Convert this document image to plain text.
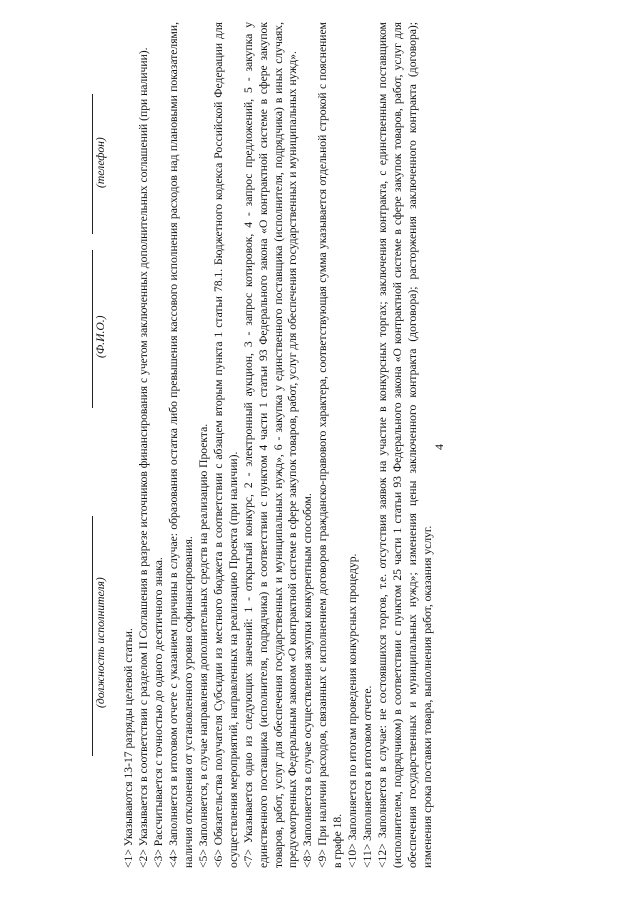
4
(должность исполнителя)
(Ф.И.О.)
(телефон)
<1> Указываются 13-17 разряды целевой статьи. <2> Указывается в соответствии с разделом II Соглашения в разрезе источников финансирования с учетом заключенных дополнительных соглашений (при наличии). <3> Рассчитывается с точностью до одного десятичного знака. <4> Заполняется в итоговом отчете с указанием причины в случае: образования остатка либо превышения кассового исполнения расходов над плановыми показателями, наличия отклонения от установленного уровня софинансирования. <5> Заполняется, в случае направления дополнительных средств на реализацию Проекта. <6> Обязательства получателя Субсидии из местного бюджета в соответствии с абзацем вторым пункта 1 статьи 78.1. Бюджетного кодекса Российской Федерации для осуществления мероприятий, направленных на реализацию Проекта (при наличии). <7> Указывается одно из следующих значений: 1 - открытый конкурс, 2 - электронный аукцион, 3 - запрос котировок, 4 - запрос предложений, 5 - закупка у единственного поставщика (исполнителя, подрядчика) в соответствии с пунктом 4 части 1 статьи 93 Федерального закона «О контрактной системе в сфере закупок товаров, работ, услуг для обеспечения государственных и муниципальных нужд», 6 - закупка у единственного поставщика (исполнителя, подрядчика) в иных случаях, предусмотренных Федеральным законом «О контрактной системе в сфере закупок товаров, работ, услуг для обеспечения государственных и муниципальных нужд». <8> Заполняется в случае осуществления закупки конкурентным способом. <9> При наличии расходов, связанных с исполнением договоров гражданско-правового характера, соответствующая сумма указывается отдельной строкой с пояснением в графе 18. <10> Заполняется по итогам проведения конкурсных процедур. <11> Заполняется в итоговом отчете. <12> Заполняется в случае: не состоявшихся торгов, т.е. отсутствия заявок на участие в конкурсных торгах; заключения контракта, с единственным поставщиком (исполнителем, подрядчиком) в соответствии с пунктом 25 части 1 статьи 93 Федерального закона «О контрактной системе в сфере закупок товаров, работ, услуг для обеспечения государственных и муниципальных нужд»; изменения цены заключенного контракта (договора); расторжения заключенного контракта (договора); изменения срока поставки товара, выполнения работ, оказания услуг.
